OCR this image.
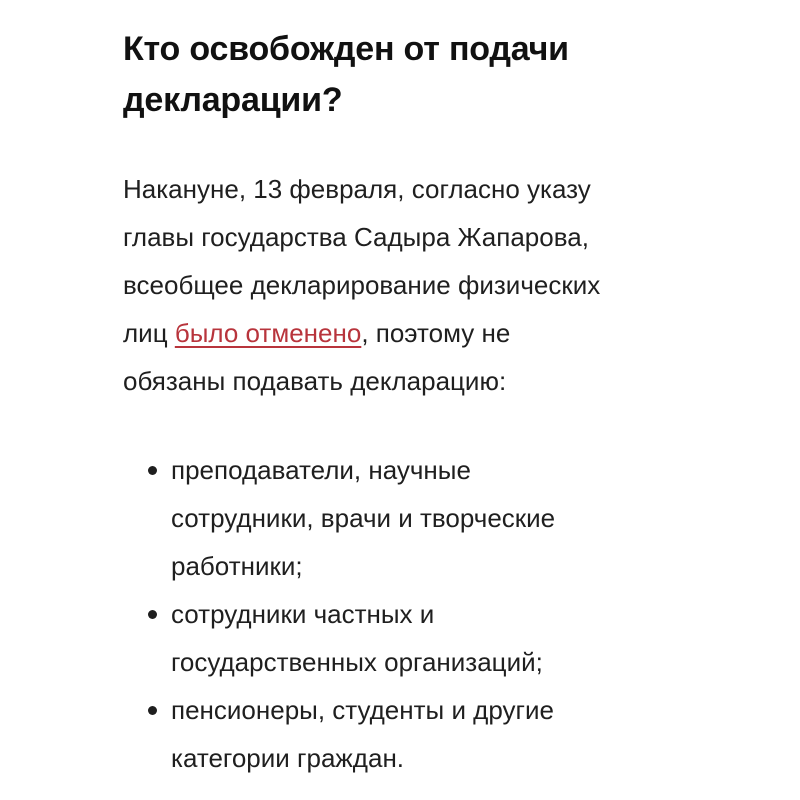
Кто освобожден от подачи
декларации?

Накануне, 13 февраля, согласно указу
главы государства Садыра Жапарова,
всеобщее декларирование физических
лиц было отменено, поэтому не
обязаны подавать декларацию:

преподаватели, научные
сотрудники, врачи и творческие
работники;
сотрудники частных и
государственных организаций;
пенсионеры, студенты и другие
категории граждан.
